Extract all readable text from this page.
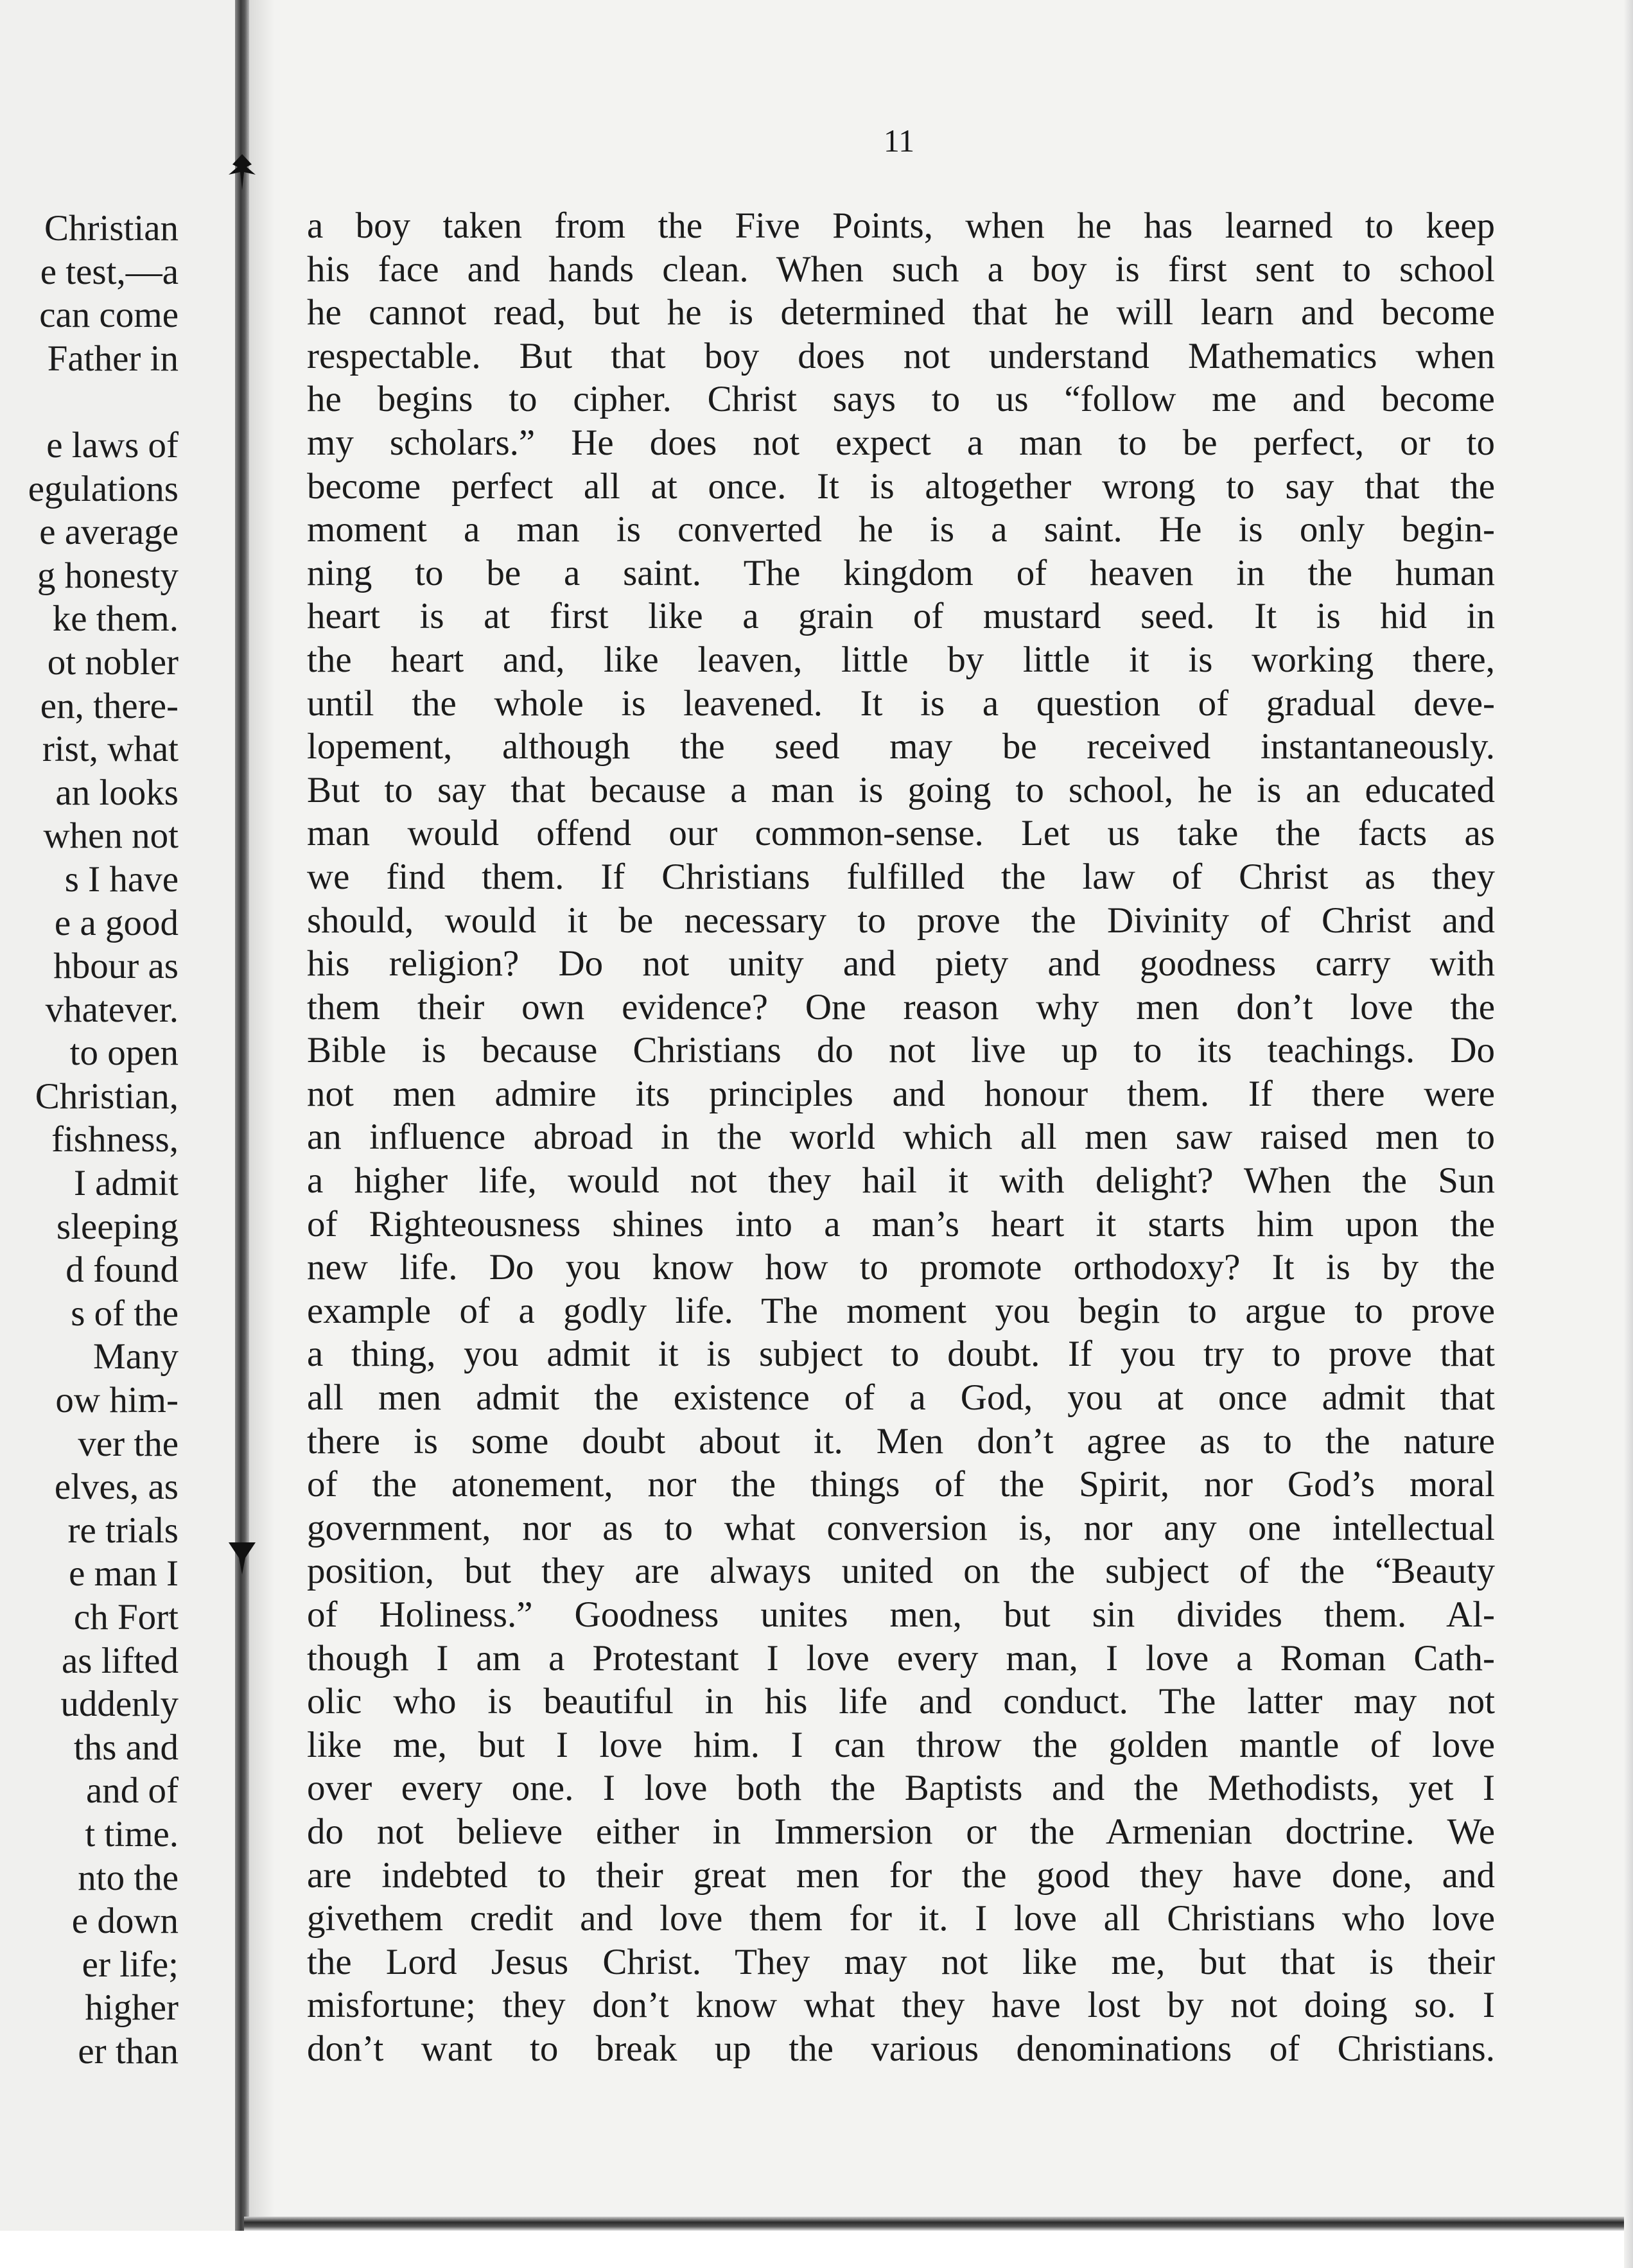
Christian
e test,—a
can come
Father in
e laws of
egulations
e average
g honesty
ke them.
ot nobler
en, there-
rist, what
an looks
when not
s I have
e a good
hbour as
vhatever.
to open
Christian,
fishness,
I admit
sleeping
d found
s of the
Many
ow him-
ver the
elves, as
re trials
e man I
ch Fort
as lifted
uddenly
ths and
and of
t time.
nto the
e down
er life;
higher
er than
11
a boy taken from the Five Points, when he has learned to keep
his face and hands clean. When such a boy is first sent to school
he cannot read, but he is determined that he will learn and become
respectable. But that boy does not understand Mathematics when
he begins to cipher. Christ says to us “follow me and become
my scholars.” He does not expect a man to be perfect, or to
become perfect all at once. It is altogether wrong to say that the
moment a man is converted he is a saint. He is only begin-
ning to be a saint. The kingdom of heaven in the human
heart is at first like a grain of mustard seed. It is hid in
the heart and, like leaven, little by little it is working there,
until the whole is leavened. It is a question of gradual deve-
lopement, although the seed may be received instantaneously.
But to say that because a man is going to school, he is an educated
man would offend our common-sense. Let us take the facts as
we find them. If Christians fulfilled the law of Christ as they
should, would it be necessary to prove the Divinity of Christ and
his religion? Do not unity and piety and goodness carry with
them their own evidence? One reason why men don’t love the
Bible is because Christians do not live up to its teachings. Do
not men admire its principles and honour them. If there were
an influence abroad in the world which all men saw raised men to
a higher life, would not they hail it with delight? When the Sun
of Righteousness shines into a man’s heart it starts him upon the
new life. Do you know how to promote orthodoxy? It is by the
example of a godly life. The moment you begin to argue to prove
a thing, you admit it is subject to doubt. If you try to prove that
all men admit the existence of a God, you at once admit that
there is some doubt about it. Men don’t agree as to the nature
of the atonement, nor the things of the Spirit, nor God’s moral
government, nor as to what conversion is, nor any one intellectual
position, but they are always united on the subject of the “Beauty
of Holiness.” Goodness unites men, but sin divides them. Al-
though I am a Protestant I love every man, I love a Roman Cath-
olic who is beautiful in his life and conduct. The latter may not
like me, but I love him. I can throw the golden mantle of love
over every one. I love both the Baptists and the Methodists, yet I
do not believe either in Immersion or the Armenian doctrine. We
are indebted to their great men for the good they have done, and
givethem credit and love them for it. I love all Christians who love
the Lord Jesus Christ. They may not like me, but that is their
misfortune; they don’t know what they have lost by not doing so. I
don’t want to break up the various denominations of Christians.
